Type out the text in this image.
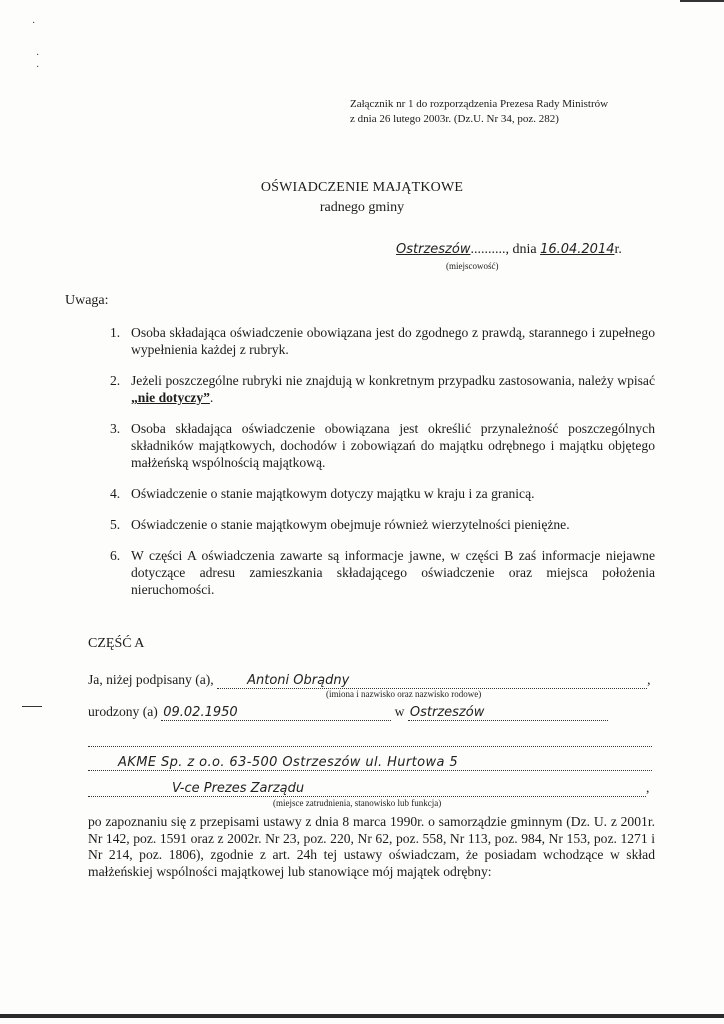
·
·
·
Załącznik nr 1 do rozporządzenia Prezesa Rady Ministrów
z dnia 26 lutego 2003r. (Dz.U. Nr 34, poz. 282)
OŚWIADCZENIE MAJĄTKOWE
radnego gminy
Ostrzeszów.........., dnia 16.04.2014r.
(miejscowość)
Uwaga:
1. Osoba składająca oświadczenie obowiązana jest do zgodnego z prawdą, starannego i zupełnego wypełnienia każdej z rubryk.
2. Jeżeli poszczególne rubryki nie znajdują w konkretnym przypadku zastosowania, należy wpisać „nie dotyczy”.
3. Osoba składająca oświadczenie obowiązana jest określić przynależność poszczególnych składników majątkowych, dochodów i zobowiązań do majątku odrębnego i majątku objętego małżeńską wspólnością majątkową.
4. Oświadczenie o stanie majątkowym dotyczy majątku w kraju i za granicą.
5. Oświadczenie o stanie majątkowym obejmuje również wierzytelności pieniężne.
6. W części A oświadczenia zawarte są informacje jawne, w części B zaś informacje niejawne dotyczące adresu zamieszkania składającego oświadczenie oraz miejsca położenia nieruchomości.
CZĘŚĆ A
Ja, niżej podpisany (a),	Antoni Obrądny	,
(imiona i nazwisko oraz nazwisko rodowe)
urodzony (a) 09.02.1950	w Ostrzeszów

AKME Sp. z o.o. 63-500 Ostrzeszów ul. Hurtowa 5
V-ce Prezes Zarządu	,
(miejsce zatrudnienia, stanowisko lub funkcja)
po zapoznaniu się z przepisami ustawy z dnia 8 marca 1990r. o samorządzie gminnym (Dz. U. z 2001r. Nr 142, poz. 1591 oraz z 2002r. Nr 23, poz. 220, Nr 62, poz. 558, Nr 113, poz. 984, Nr 153, poz. 1271 i Nr 214, poz. 1806), zgodnie z art. 24h tej ustawy oświadczam, że posiadam wchodzące w skład małżeńskiej wspólności majątkowej lub stanowiące mój majątek odrębny:
